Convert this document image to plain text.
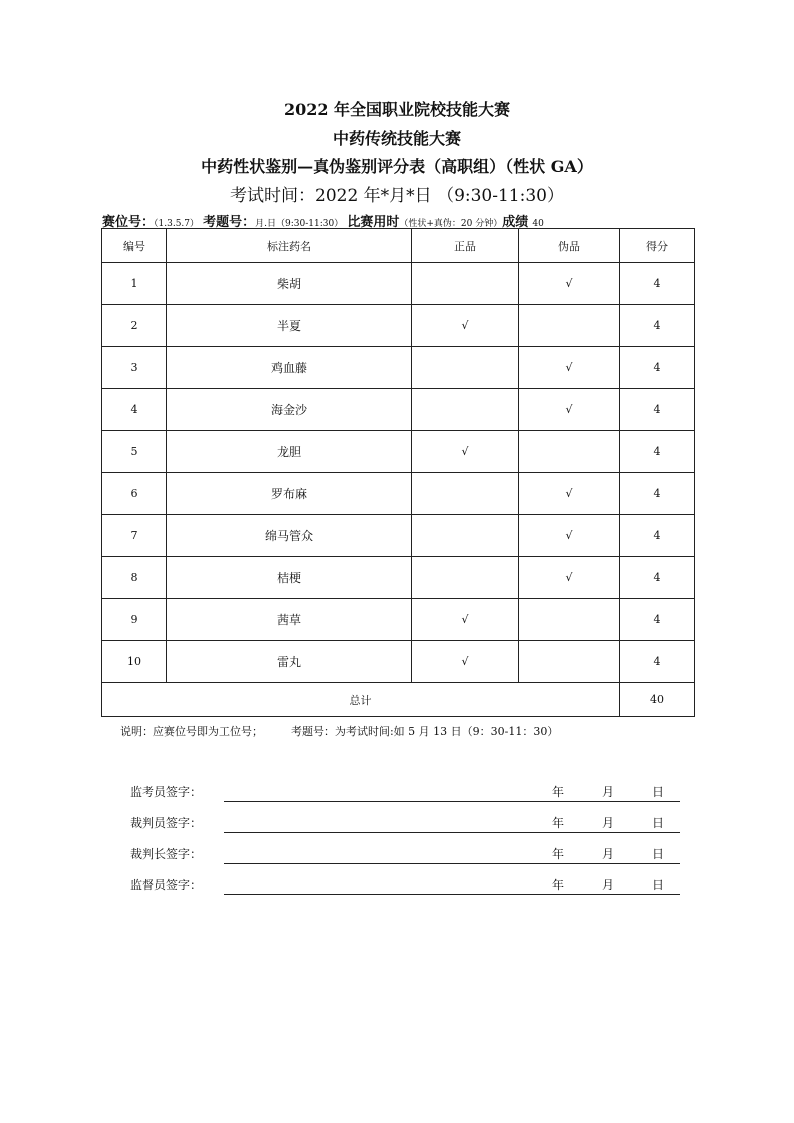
2022 年全国职业院校技能大赛
中药传统技能大赛
中药性状鉴别—真伪鉴别评分表（高职组）（性状 GA）
考试时间：2022 年*月*日 （9:30-11:30）
赛位号：（1.3.5.7） 考题号：月.日（9:30-11:30） 比赛用时（性状+真伪：20 分钟）成绩 40
编号	标注药名	正品	伪品	得分
1	柴胡		√	4
2	半夏	√		4
3	鸡血藤		√	4
4	海金沙		√	4
5	龙胆	√		4
6	罗布麻		√	4
7	绵马管众		√	4
8	桔梗		√	4
9	茜草	√		4
10	雷丸	√		4
总计				40
说明：应赛位号即为工位号；        考题号：为考试时间:如 5 月 13 日（9：30-11：30）
监考员签字：	年	月	日
裁判员签字：	年	月	日
裁判长签字：	年	月	日
监督员签字：	年	月	日
